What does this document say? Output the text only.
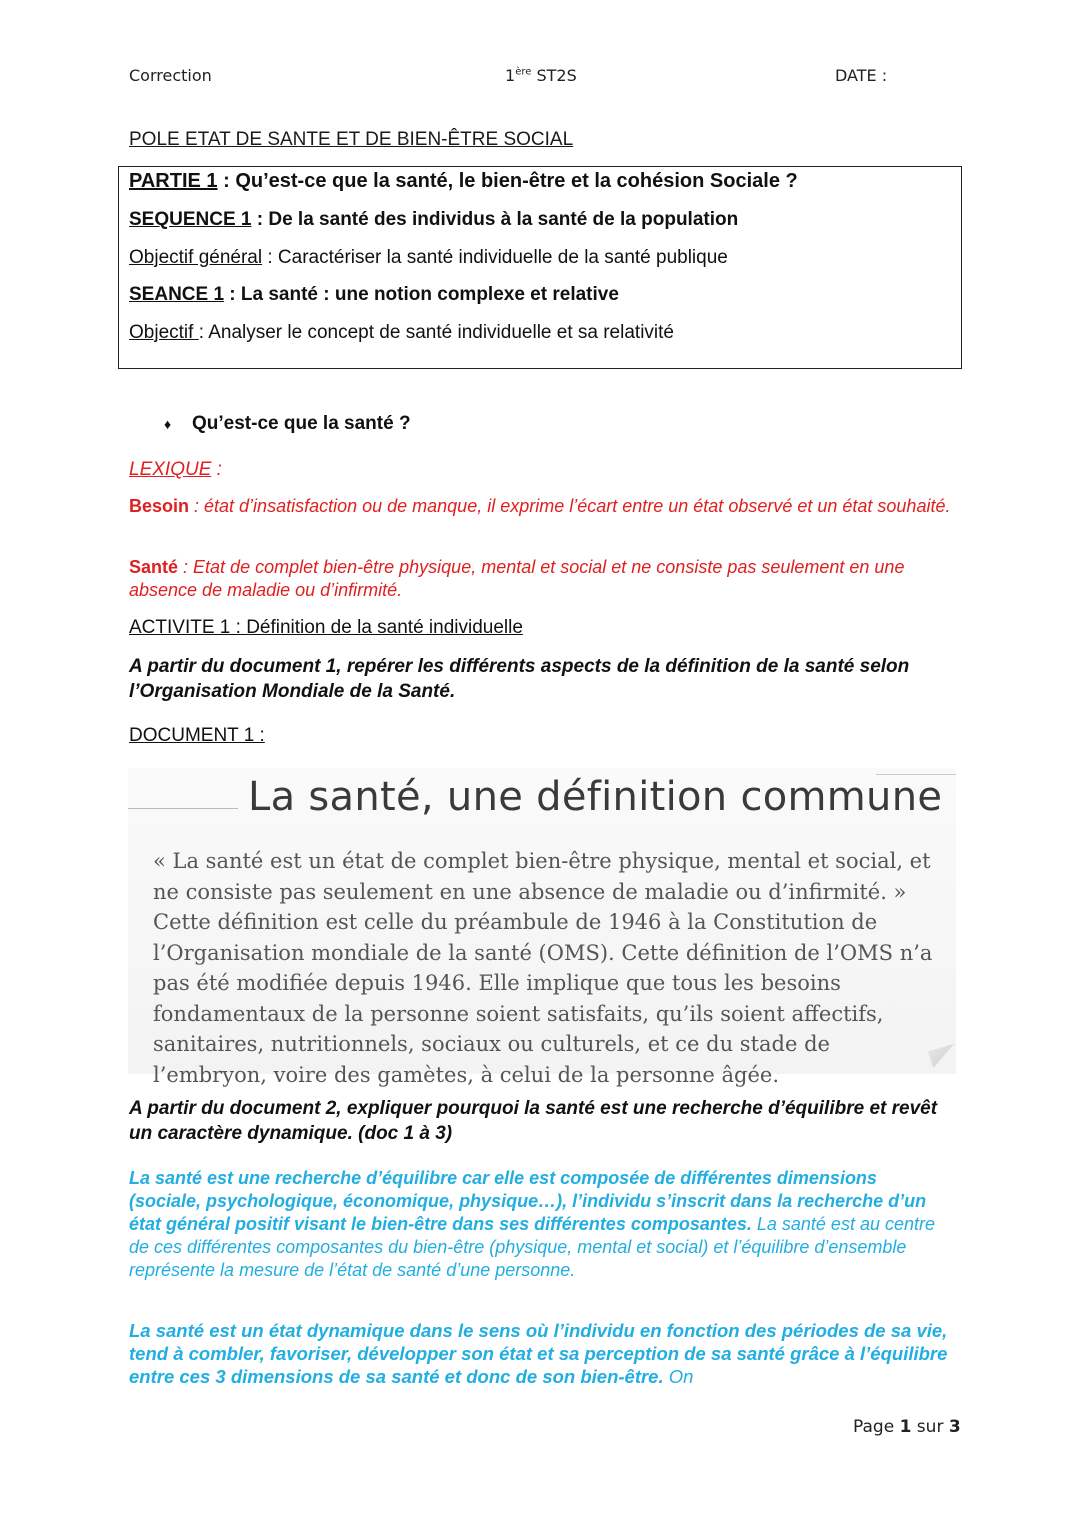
Correction	1ère ST2S	DATE :
POLE ETAT DE SANTE ET DE BIEN-ÊTRE SOCIAL
PARTIE 1 : Qu’est-ce que la santé, le bien-être et la cohésion Sociale ?
SEQUENCE 1 : De la santé des individus à la santé de la population
Objectif général : Caractériser la santé individuelle de la santé publique
SEANCE 1 : La santé : une notion complexe et relative
Objectif : Analyser le concept de santé individuelle et sa relativité
♦ Qu’est-ce que la santé ?
LEXIQUE :
Besoin : état d’insatisfaction ou de manque, il exprime l’écart entre un état observé et un état souhaité.
Santé : Etat de complet bien-être physique, mental et social et ne consiste pas seulement en une absence de maladie ou d’infirmité.
ACTIVITE 1 : Définition de la santé individuelle
A partir du document 1, repérer les différents aspects de la définition de la santé selon l’Organisation Mondiale de la Santé.
DOCUMENT 1 :
La santé, une définition commune
« La santé est un état de complet bien-être physique, mental et social, et ne consiste pas seulement en une absence de maladie ou d’infirmité. » Cette définition est celle du préambule de 1946 à la Constitution de l’Organisation mondiale de la santé (OMS). Cette définition de l’OMS n’a pas été modifiée depuis 1946. Elle implique que tous les besoins fondamentaux de la personne soient satisfaits, qu’ils soient affectifs, sanitaires, nutritionnels, sociaux ou culturels, et ce du stade de l’embryon, voire des gamètes, à celui de la personne âgée.
A partir du document 2, expliquer pourquoi la santé est une recherche d’équilibre et revêt un caractère dynamique. (doc 1 à 3)
La santé est une recherche d’équilibre car elle est composée de différentes dimensions (sociale, psychologique, économique, physique…), l’individu s’inscrit dans la recherche d’un état général positif visant le bien-être dans ses différentes composantes. La santé est au centre de ces différentes composantes du bien-être (physique, mental et social) et l’équilibre d’ensemble représente la mesure de l’état de santé d’une personne.
La santé est un état dynamique dans le sens où l’individu en fonction des périodes de sa vie, tend à combler, favoriser, développer son état et sa perception de sa santé grâce à l’équilibre entre ces 3 dimensions de sa santé et donc de son bien-être. On
Page 1 sur 3
